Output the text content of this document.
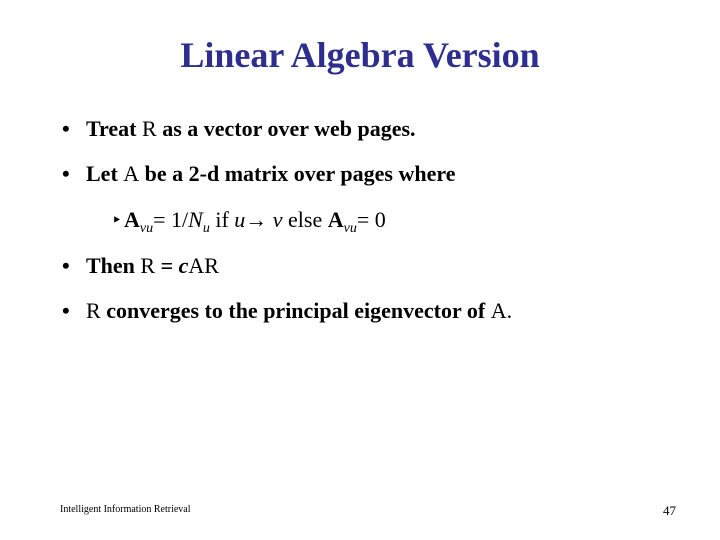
Linear Algebra Version
• Treat R as a vector over web pages.
• Let A be a 2-d matrix over pages where
‣ $A_{vu}= 1/N_u$ if u→ v else $A_{vu}= 0$
• Then R = cAR
• R converges to the principal eigenvector of A.
Intelligent Information Retrieval	47
